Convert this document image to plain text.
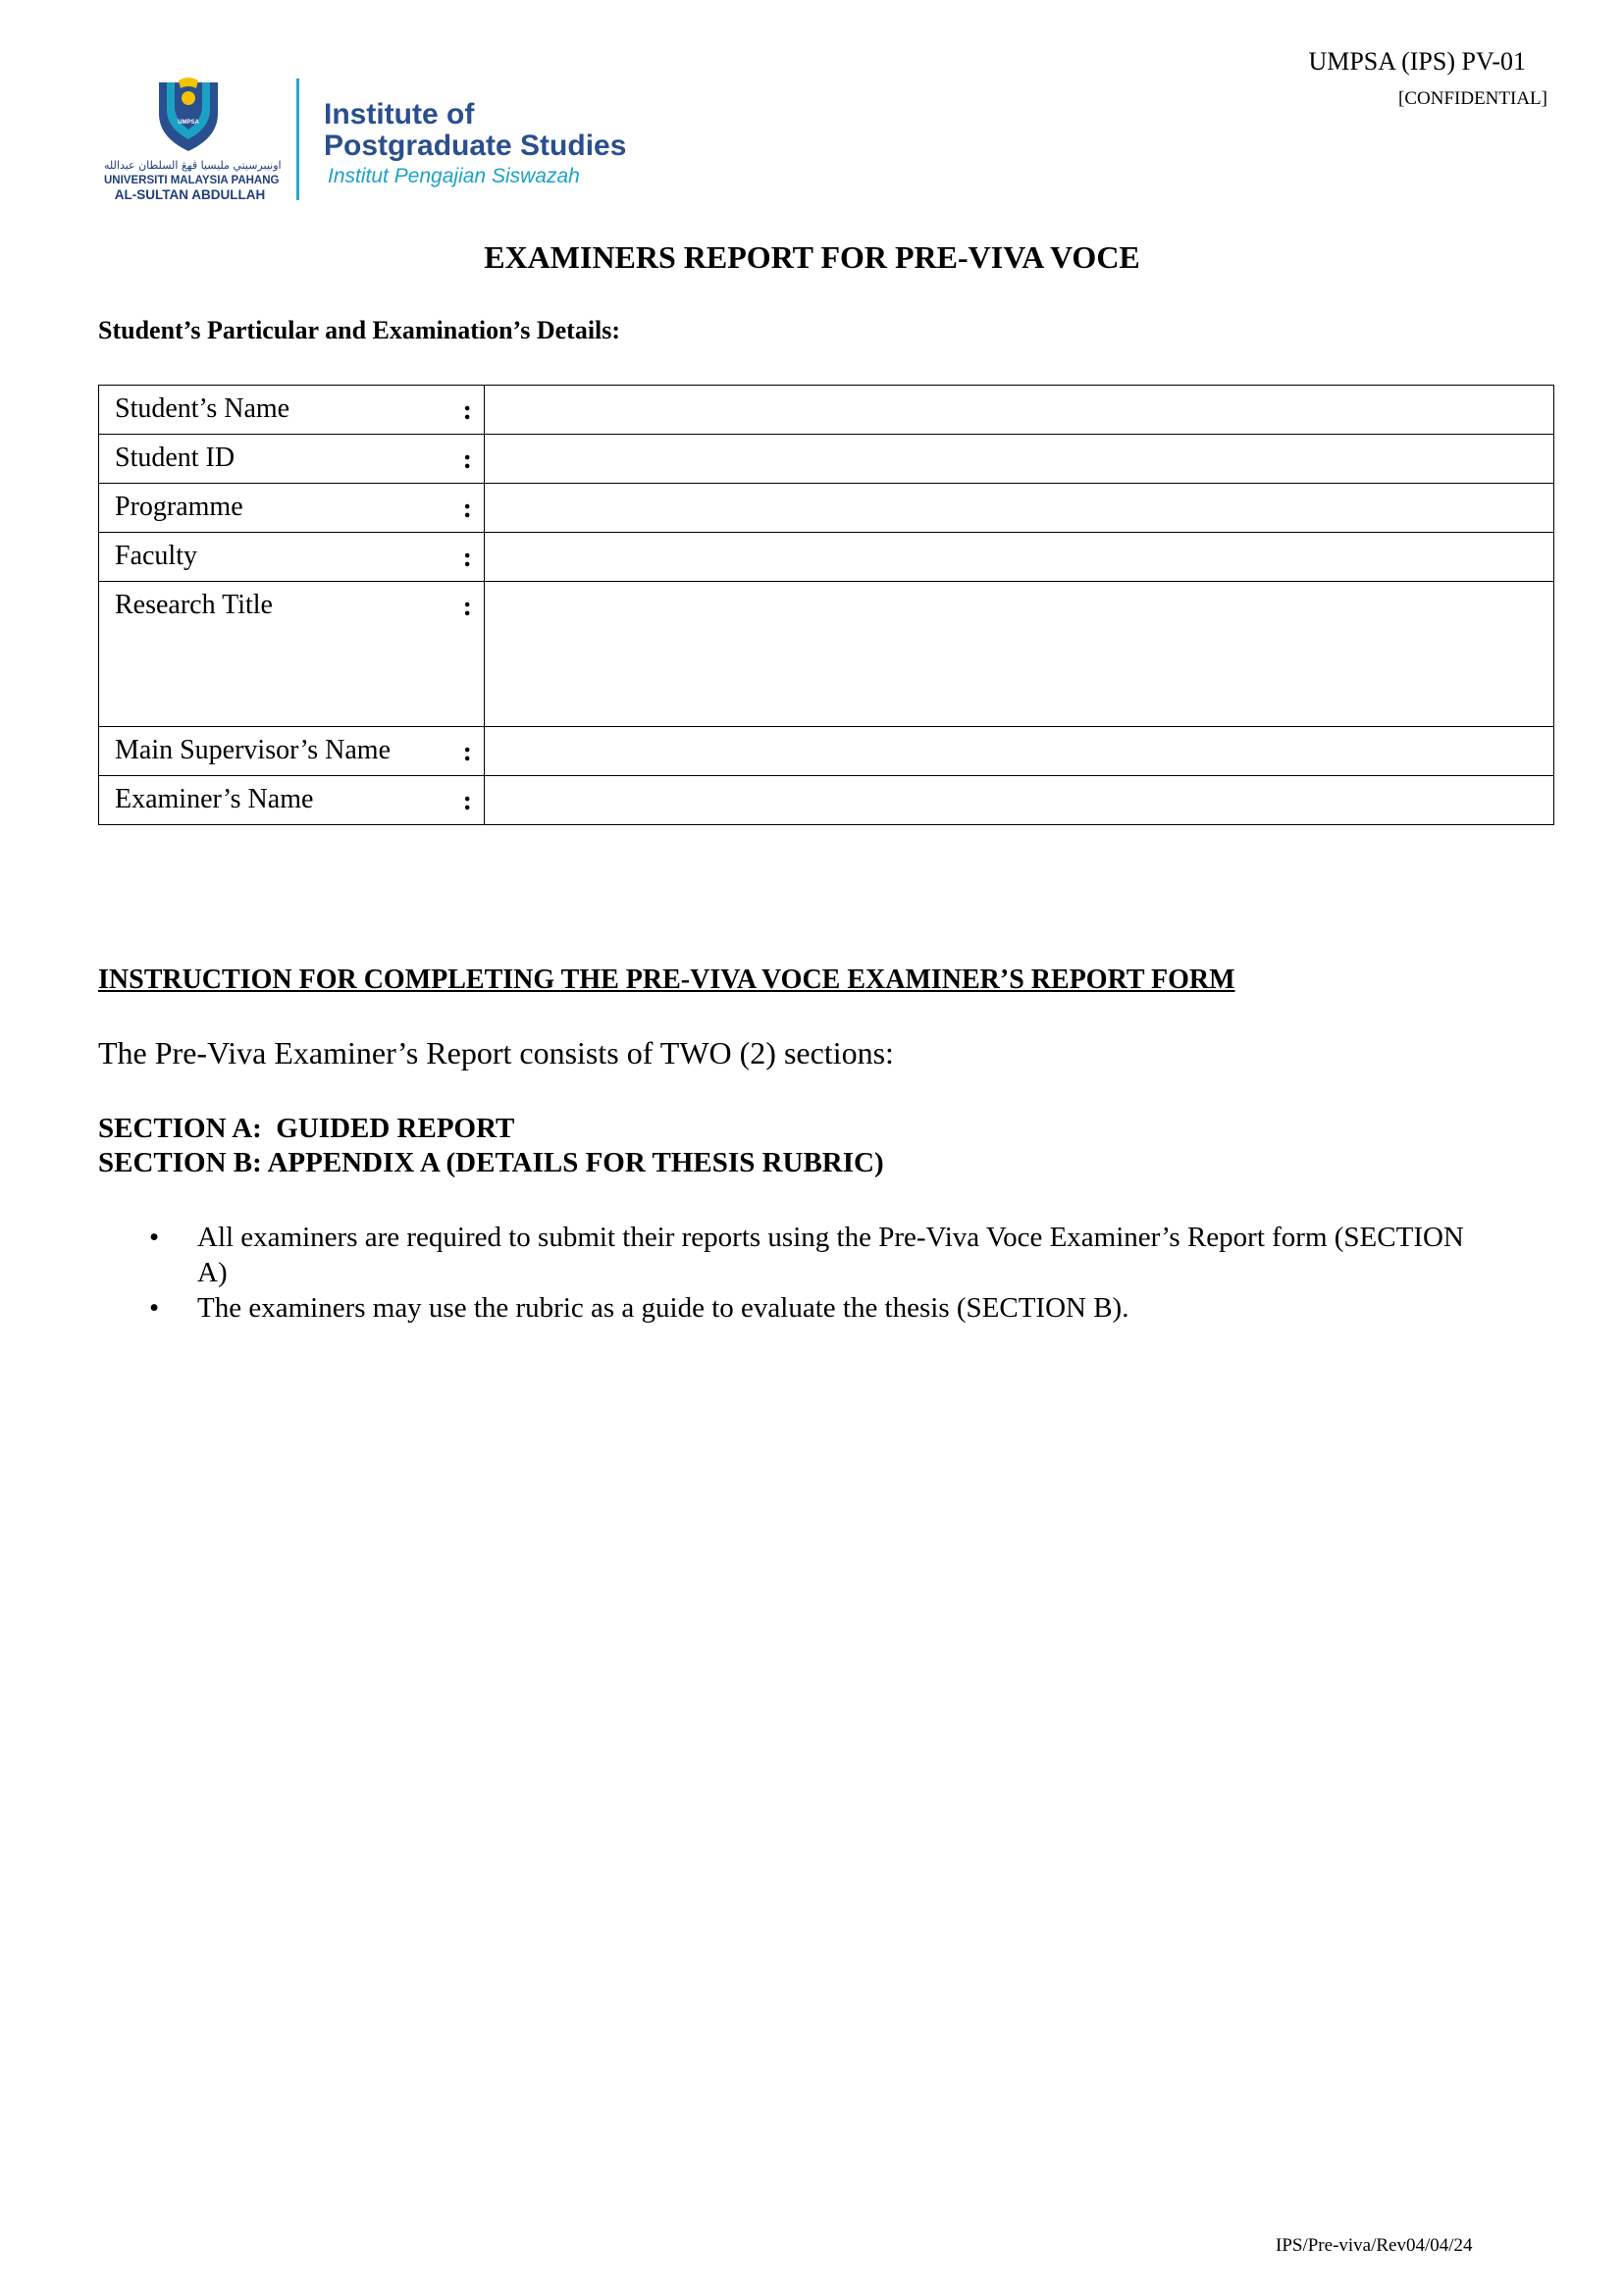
UMPSA (IPS) PV-01
[CONFIDENTIAL]
UMPSA
اونيبرسيتي مليسيا ڤهڠ السلطان عبدالله
UNIVERSITI MALAYSIA PAHANG
AL-SULTAN ABDULLAH
Institute of
Postgraduate Studies
Institut Pengajian Siswazah
EXAMINERS REPORT FOR PRE-VIVA VOCE
Student’s Particular and Examination’s Details:
Student’s Name :	

Student ID :	

Programme :	

Faculty :	

Research Title :	

Main Supervisor’s Name :	

Examiner’s Name :	

INSTRUCTION FOR COMPLETING THE PRE-VIVA VOCE EXAMINER’S REPORT FORM
The Pre-Viva Examiner’s Report consists of TWO (2) sections:
SECTION A:  GUIDED REPORT
SECTION B: APPENDIX A (DETAILS FOR THESIS RUBRIC)
• All examiners are required to submit their reports using the Pre-Viva Voce Examiner’s Report form (SECTION A)
• The examiners may use the rubric as a guide to evaluate the thesis (SECTION B).
IPS/Pre-viva/Rev04/04/24
